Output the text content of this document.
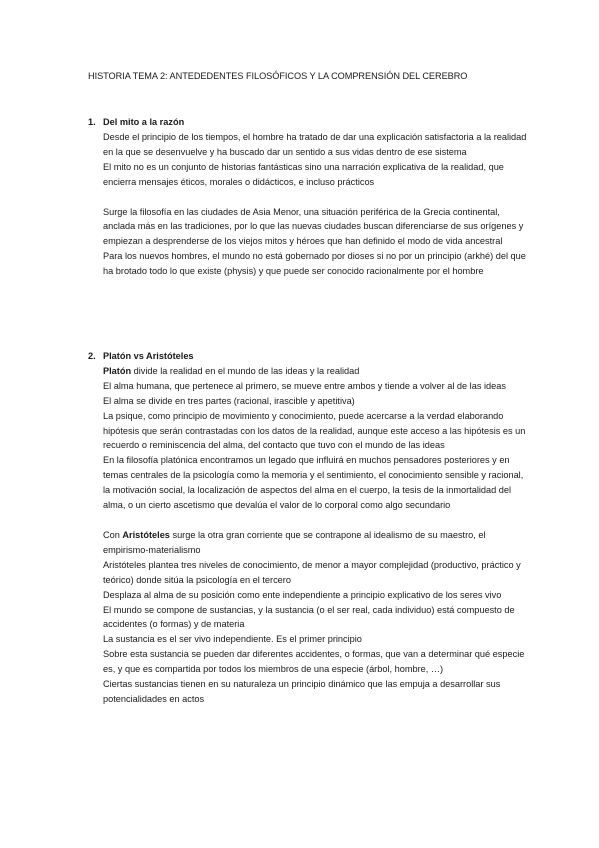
HISTORIA TEMA 2: ANTEDEDENTES FILOSÓFICOS Y LA COMPRENSIÓN DEL CEREBRO
1. Del mito a la razón

Desde el principio de los tiempos, el hombre ha tratado de dar una explicación satisfactoria a la realidad en la que se desenvuelve y ha buscado dar un sentido a sus vidas dentro de ese sistema

El mito no es un conjunto de historias fantásticas sino una narración explicativa de la realidad, que encierra mensajes éticos, morales o didácticos, e incluso prácticos

Surge la filosofía en las ciudades de Asia Menor, una situación periférica de la Grecia continental, anclada más en las tradiciones, por lo que las nuevas ciudades buscan diferenciarse de sus orígenes y empiezan a desprenderse de los viejos mitos y héroes que han definido el modo de vida ancestral

Para los nuevos hombres, el mundo no está gobernado por dioses si no por un principio (arkhé) del que ha brotado todo lo que existe (physis) y que puede ser conocido racionalmente por el hombre

2. Platón vs Aristóteles

Platón divide la realidad en el mundo de las ideas y la realidad

El alma humana, que pertenece al primero, se mueve entre ambos y tiende a volver al de las ideas

El alma se divide en tres partes (racional, irascible y apetitiva)

La psique, como principio de movimiento y conocimiento, puede acercarse a la verdad elaborando hipótesis que serán contrastadas con los datos de la realidad, aunque este acceso a las hipótesis es un recuerdo o reminiscencia del alma, del contacto que tuvo con el mundo de las ideas

En la filosofía platónica encontramos un legado que influirá en muchos pensadores posteriores y en temas centrales de la psicología como la memoria y el sentimiento, el conocimiento sensible y racional, la motivación social, la localización de aspectos del alma en el cuerpo, la tesis de la inmortalidad del alma, o un cierto ascetismo que devalúa el valor de lo corporal como algo secundario

Con Aristóteles surge la otra gran corriente que se contrapone al idealismo de su maestro, el empirismo-materialismo

Aristóteles plantea tres niveles de conocimiento, de menor a mayor complejidad (productivo, práctico y teórico) donde sitúa la psicología en el tercero

Desplaza al alma de su posición como ente independiente a principio explicativo de los seres vivo

El mundo se compone de sustancias, y la sustancia (o el ser real, cada individuo) está compuesto de accidentes (o formas) y de materia

La sustancia es el ser vivo independiente. Es el primer principio

Sobre esta sustancia se pueden dar diferentes accidentes, o formas, que van a determinar qué especie es, y que es compartida por todos los miembros de una especie (árbol, hombre, …)

Ciertas sustancias tienen en su naturaleza un principio dinámico que las empuja a desarrollar sus potencialidades en actos
